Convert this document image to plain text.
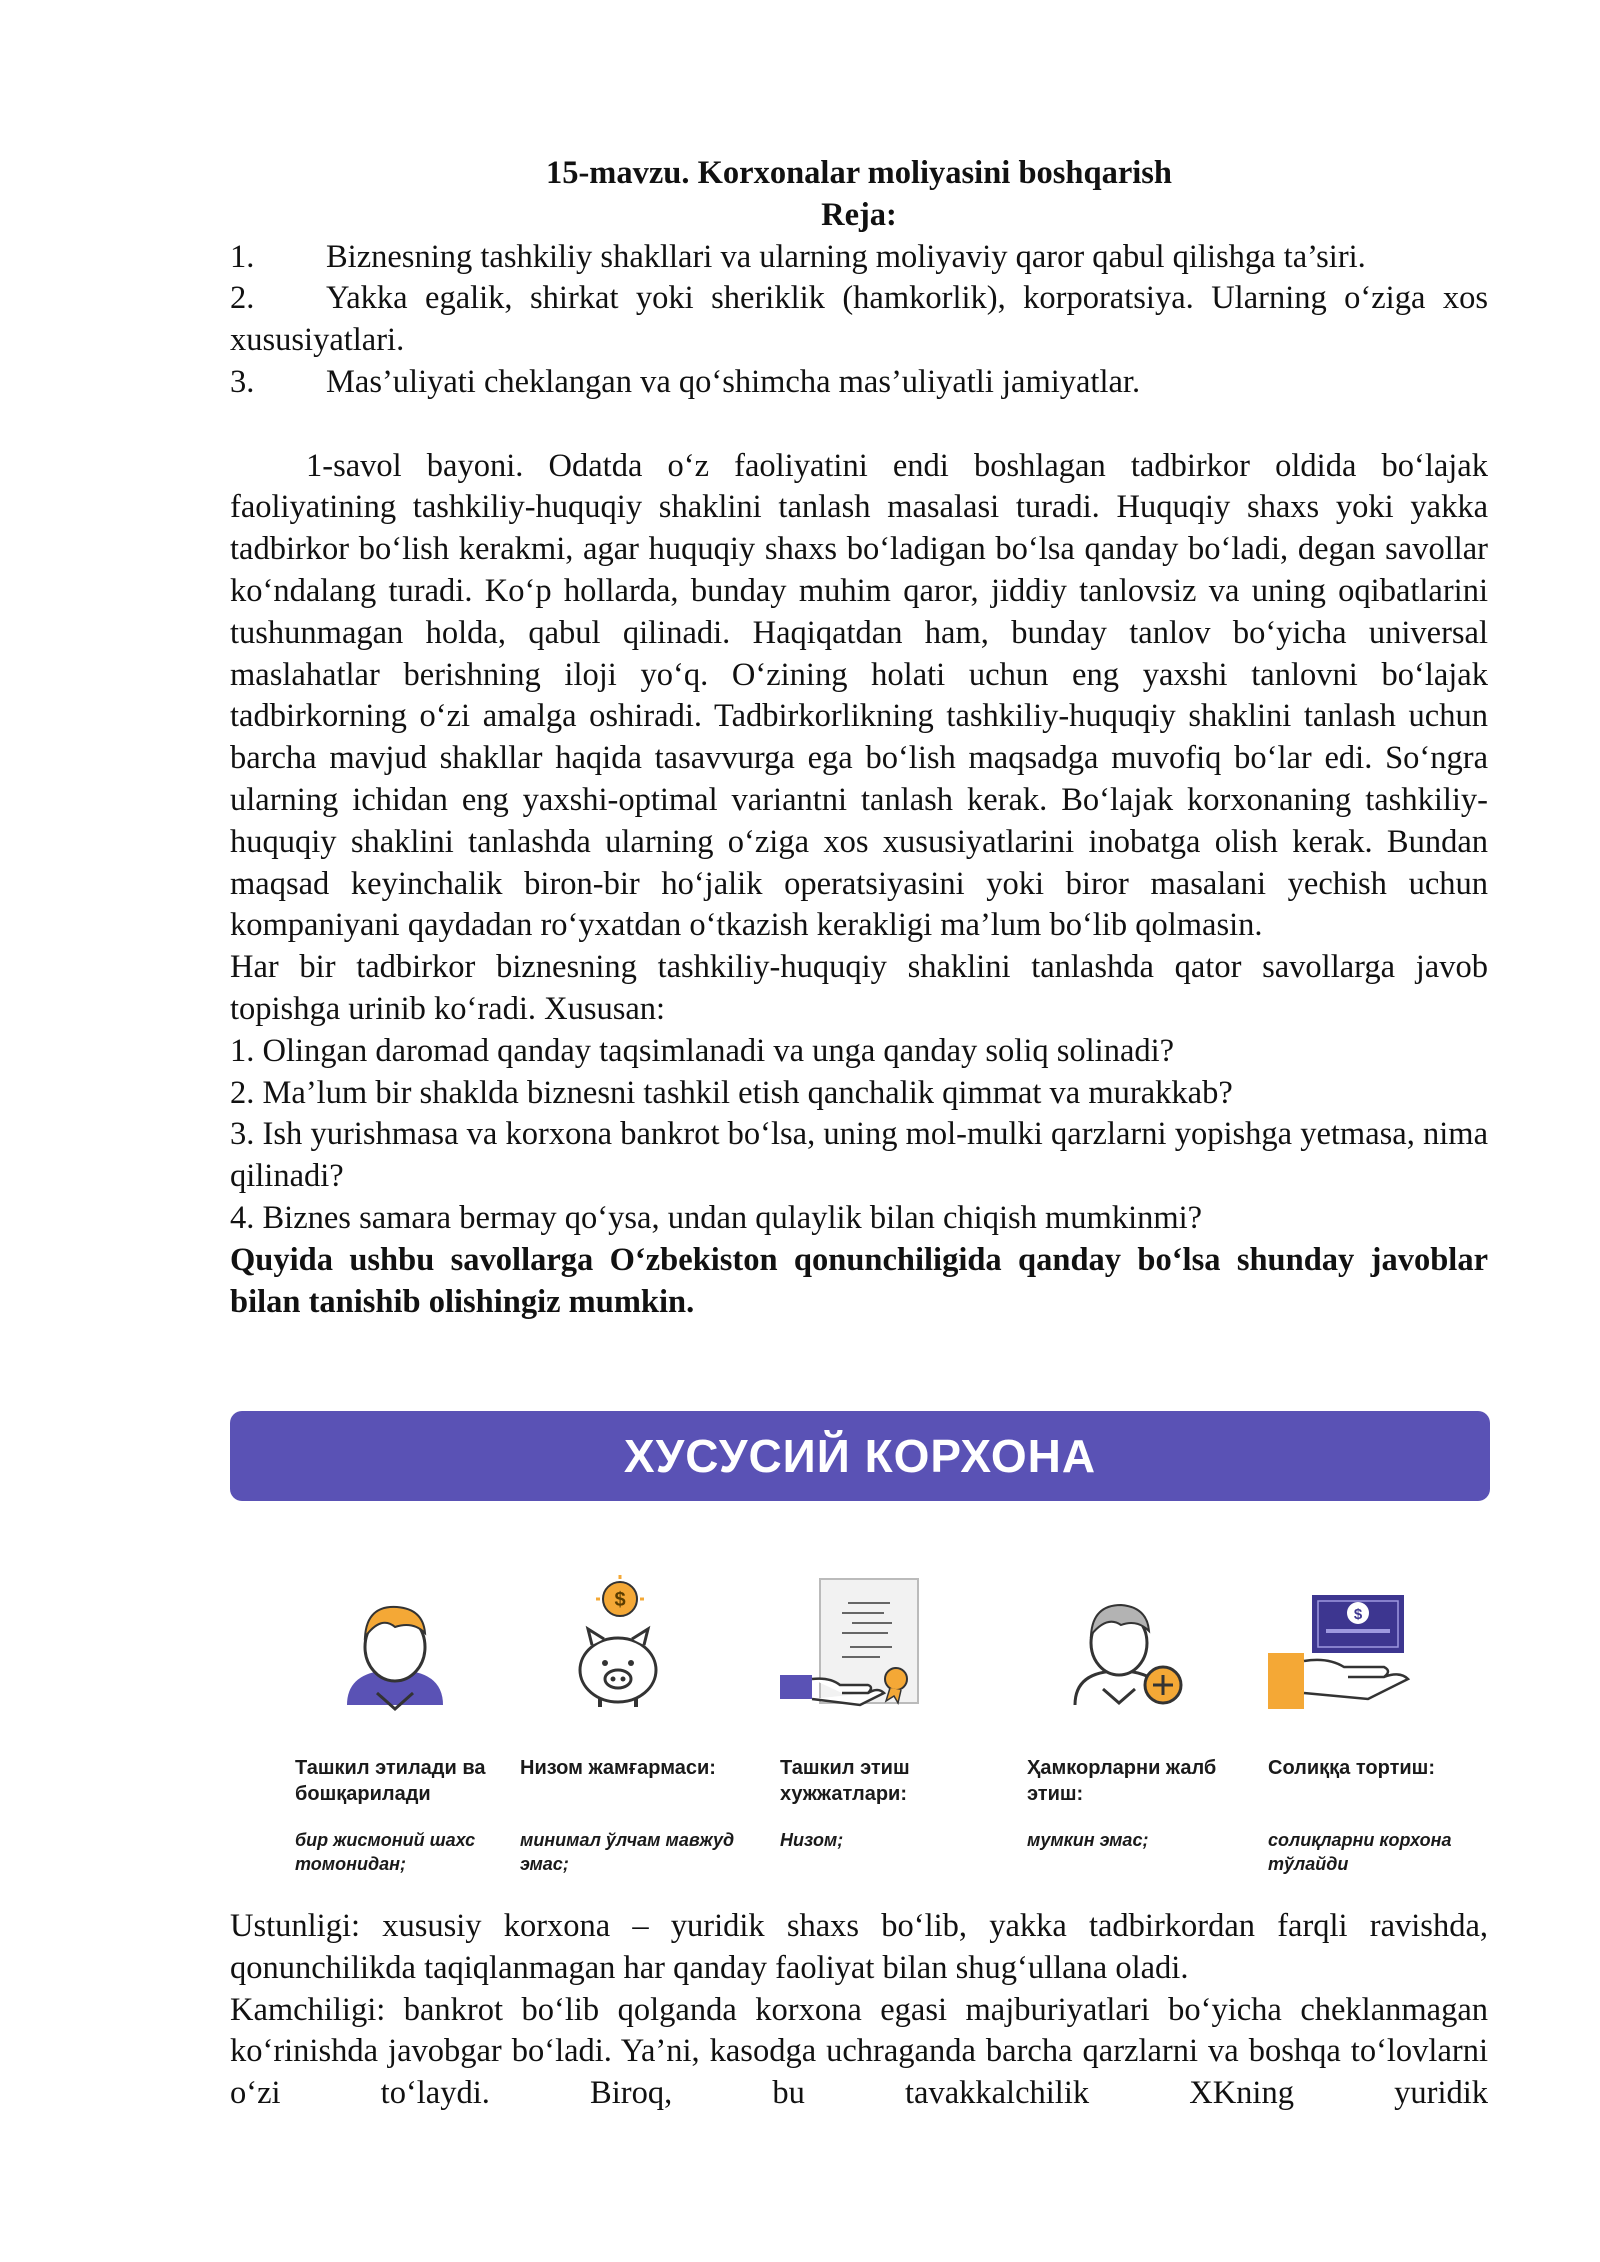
15-mavzu. Korxonalar moliyasini boshqarish
Reja:
1.	Biznesning tashkiliy shakllari va ularning moliyaviy qaror qabul qilishga ta’siri.
2.	Yakka egalik, shirkat yoki sheriklik (hamkorlik), korporatsiya. Ularning o‘ziga xos xususiyatlari.
3.	Mas’uliyati cheklangan va qo‘shimcha mas’uliyatli jamiyatlar.
1-savol bayoni. Odatda o‘z faoliyatini endi boshlagan tadbirkor oldida bo‘lajak faoliyatining tashkiliy-huquqiy shaklini tanlash masalasi turadi. Huquqiy shaxs yoki yakka tadbirkor bo‘lish kerakmi, agar huquqiy shaxs bo‘ladigan bo‘lsa qanday bo‘ladi, degan savollar ko‘ndalang turadi. Ko‘p hollarda, bunday muhim qaror, jiddiy tanlovsiz va uning oqibatlarini tushunmagan holda, qabul qilinadi. Haqiqatdan ham, bunday tanlov bo‘yicha universal maslahatlar berishning iloji yo‘q. O‘zining holati uchun eng yaxshi tanlovni bo‘lajak tadbirkorning o‘zi amalga oshiradi. Tadbirkorlikning tashkiliy-huquqiy shaklini tanlash uchun barcha mavjud shakllar haqida tasavvurga ega bo‘lish maqsadga muvofiq bo‘lar edi. So‘ngra ularning ichidan eng yaxshi-optimal variantni tanlash kerak. Bo‘lajak korxonaning tashkiliy-huquqiy shaklini tanlashda ularning o‘ziga xos xususiyatlarini inobatga olish kerak. Bundan maqsad keyinchalik biron-bir ho‘jalik operatsiyasini yoki biror masalani yechish uchun kompaniyani qaydadan ro‘yxatdan o‘tkazish kerakligi ma’lum bo‘lib qolmasin.
Har bir tadbirkor biznesning tashkiliy-huquqiy shaklini tanlashda qator savollarga javob topishga urinib ko‘radi. Xususan:
1. Olingan daromad qanday taqsimlanadi va unga qanday soliq solinadi?
2. Ma’lum bir shaklda biznesni tashkil etish qanchalik qimmat va murakkab?
3. Ish yurishmasa va korxona bankrot bo‘lsa, uning mol-mulki qarzlarni yopishga yetmasa, nima qilinadi?
4. Biznes samara bermay qo‘ysa, undan qulaylik bilan chiqish mumkinmi?
Quyida ushbu savollarga O‘zbekiston qonunchiligida qanday bo‘lsa shunday javoblar bilan tanishib olishingiz mumkin.
ХУСУСИЙ КОРХОНА
Ташкил этилади ва бошқарилади
бир жисмоний шахс томонидан;
$
Низом жамғармаси:
минимал ўлчам мавжуд эмас;
Ташкил этиш хужжатлари:
Низом;
Ҳамкорларни жалб этиш:
мумкин эмас;
$
Солиққа тортиш:
солиқларни корхона тўлайди
Ustunligi: xususiy korxona – yuridik shaxs bo‘lib, yakka tadbirkordan farqli ravishda, qonunchilikda taqiqlanmagan har qanday faoliyat bilan shug‘ullana oladi.
Kamchiligi: bankrot bo‘lib qolganda korxona egasi majburiyatlari bo‘yicha cheklanmagan ko‘rinishda javobgar bo‘ladi. Ya’ni, kasodga uchraganda barcha qarzlarni va boshqa to‘lovlarni o‘zi to‘laydi. Biroq, bu tavakkalchilik XKning yuridik
